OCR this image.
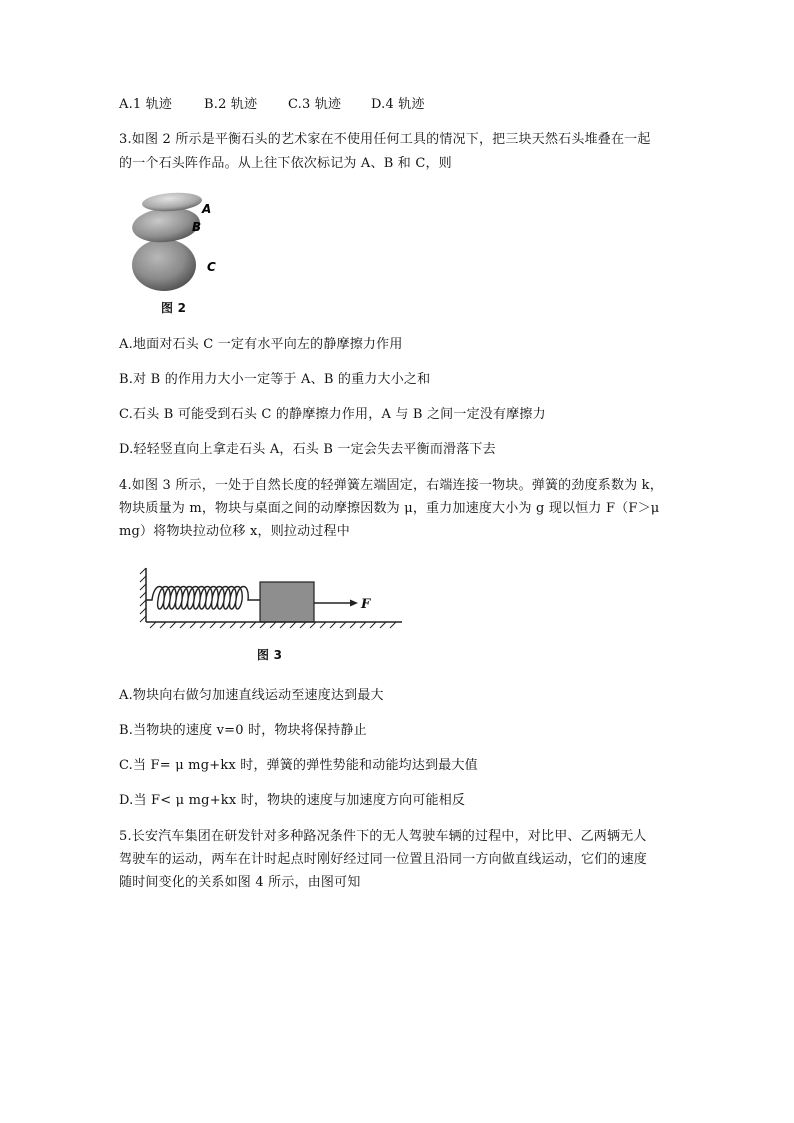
A.1 轨迹 B.2 轨迹 C.3 轨迹 D.4 轨迹
3.如图 2 所示是平衡石头的艺术家在不使用任何工具的情况下，把三块天然石头堆叠在一起
的一个石头阵作品。从上往下依次标记为 A、B 和 C，则
A
B
C
图 2
A.地面对石头 C 一定有水平向左的静摩擦力作用
B.对 B 的作用力大小一定等于 A、B 的重力大小之和
C.石头 B 可能受到石头 C 的静摩擦力作用，A 与 B 之间一定没有摩擦力
D.轻轻竖直向上拿走石头 A，石头 B 一定会失去平衡而滑落下去
4.如图 3 所示，一处于自然长度的轻弹簧左端固定，右端连接一物块。弹簧的劲度系数为 k，
物块质量为 m，物块与桌面之间的动摩擦因数为 μ，重力加速度大小为 g 现以恒力 F（F＞μ
mg）将物块拉动位移 x，则拉动过程中
F
图 3
A.物块向右做匀加速直线运动至速度达到最大
B.当物块的速度 v=0 时，物块将保持静止
C.当 F= μ mg+kx 时，弹簧的弹性势能和动能均达到最大值
D.当 F< μ mg+kx 时，物块的速度与加速度方向可能相反
5.长安汽车集团在研发针对多种路况条件下的无人驾驶车辆的过程中，对比甲、乙两辆无人
驾驶车的运动，两车在计时起点时刚好经过同一位置且沿同一方向做直线运动，它们的速度
随时间变化的关系如图 4 所示，由图可知
